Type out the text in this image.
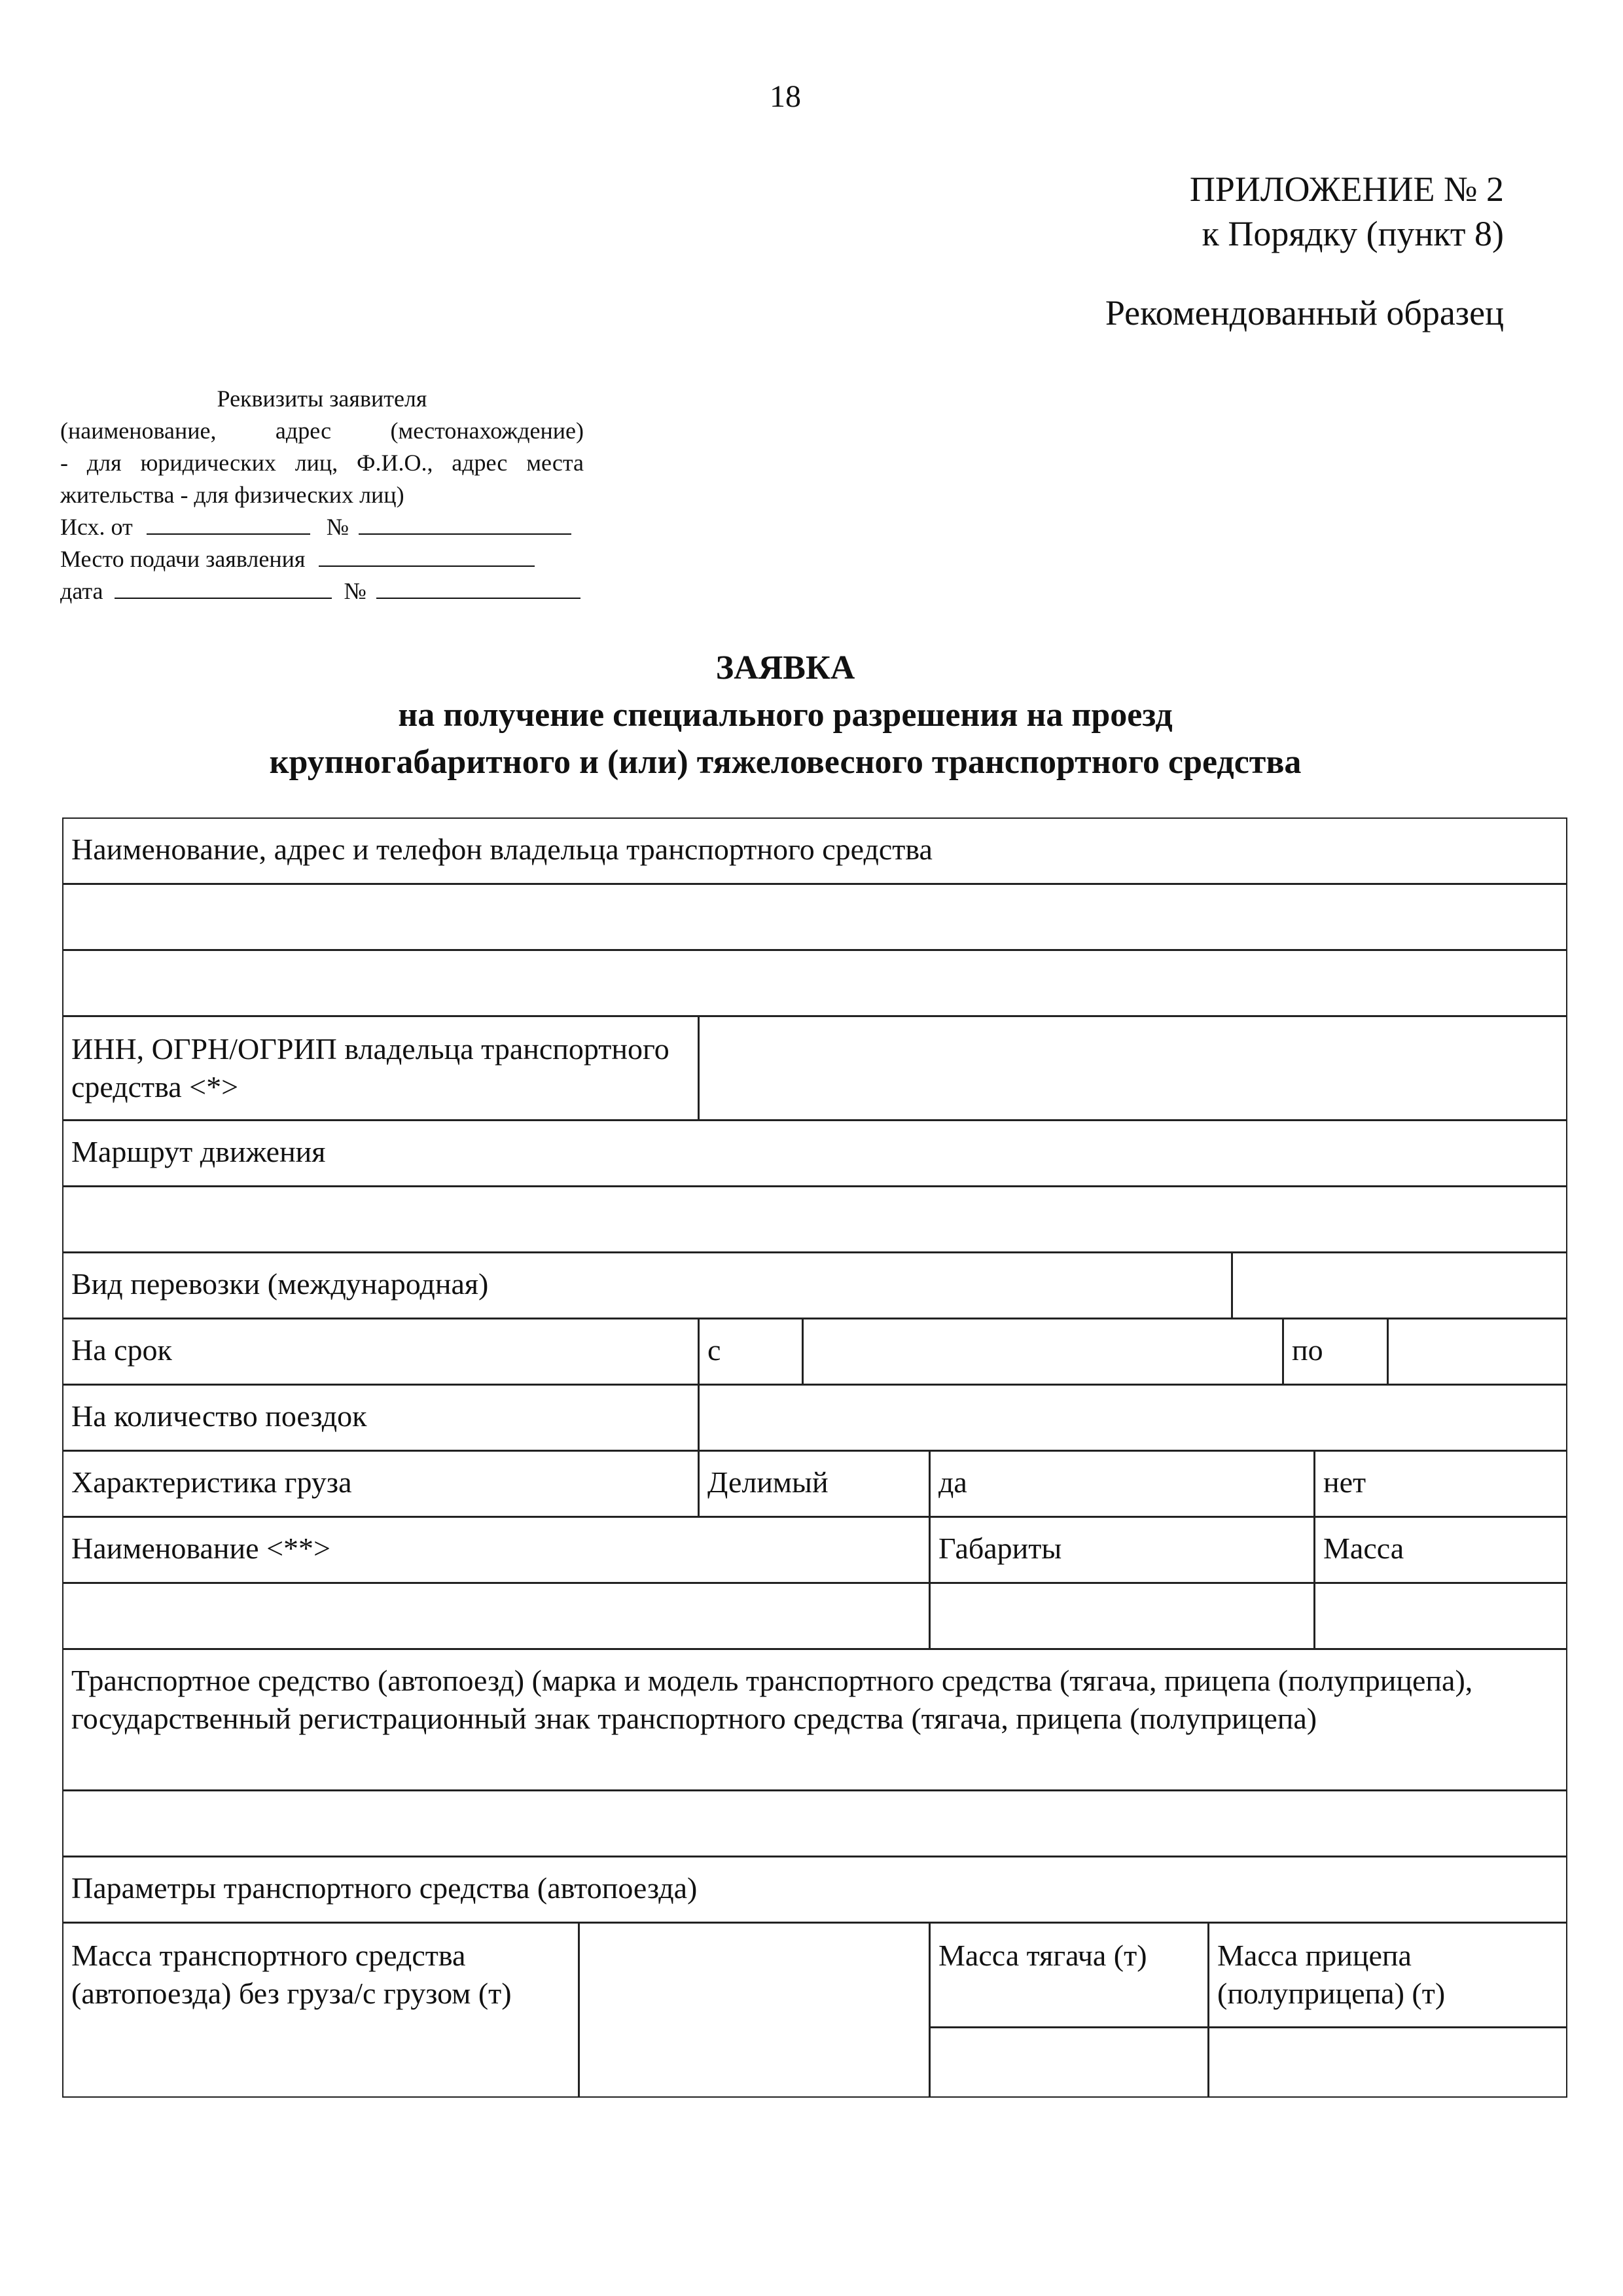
18
ПРИЛОЖЕНИЕ № 2
к Порядку (пункт 8)
Рекомендованный образец
Реквизиты заявителя
(наименование, адрес (местонахождение)
- для юридических лиц, Ф.И.О., адрес места
жительства - для физических лиц)
Исх. от	№
Место подачи заявления
дата	№
ЗАЯВКА
на получение специального разрешения на проезд
крупногабаритного и (или) тяжеловесного транспортного средства
Наименование, адрес и телефон владельца транспортного средства
ИНН, ОГРН/ОГРИП владельца транспортного средства <*>
Маршрут движения
Вид перевозки (международная)
На срок	с	по
На количество поездок
Характеристика груза	Делимый	да	нет
Наименование <**>	Габариты	Масса
Транспортное средство (автопоезд) (марка и модель транспортного средства (тягача, прицепа (полуприцепа), государственный регистрационный знак транспортного средства (тягача, прицепа (полуприцепа)
Параметры транспортного средства (автопоезда)
Масса транспортного средства (автопоезда) без груза/с грузом (т)
Масса тягача (т)	Масса прицепа (полуприцепа) (т)
